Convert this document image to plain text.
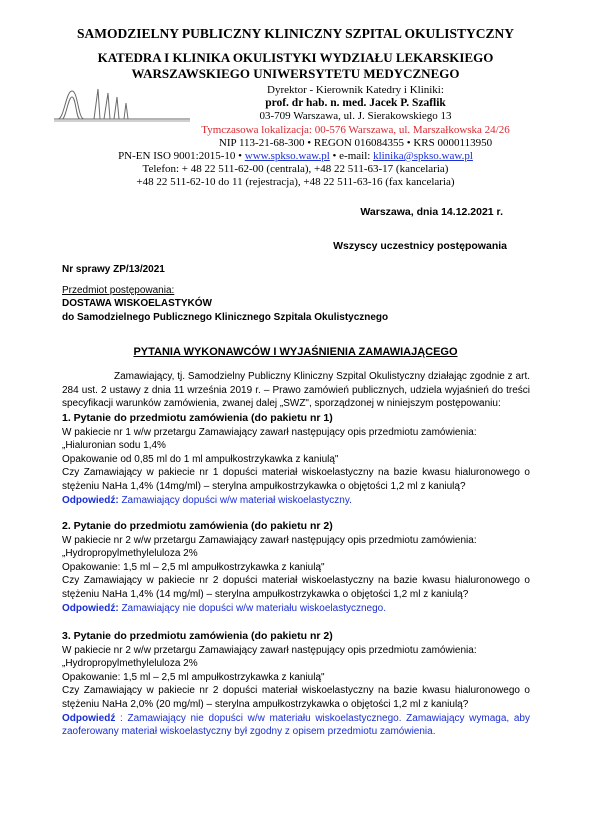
SAMODZIELNY PUBLICZNY KLINICZNY SZPITAL OKULISTYCZNY
KATEDRA I KLINIKA OKULISTYKI WYDZIAŁU LEKARSKIEGO
WARSZAWSKIEGO UNIWERSYTETU MEDYCZNEGO
Dyrektor - Kierownik Katedry i Kliniki:
prof. dr hab. n. med. Jacek P. Szaflik
03-709 Warszawa, ul. J. Sierakowskiego 13
Tymczasowa lokalizacja: 00-576 Warszawa, ul. Marszałkowska 24/26
NIP 113-21-68-300 • REGON 016084355 • KRS 0000113950
PN-EN ISO 9001:2015-10 • www.spkso.waw.pl • e-mail: klinika@spkso.waw.pl
Telefon: + 48 22 511-62-00 (centrala), +48 22 511-63-17 (kancelaria)
+48 22 511-62-10 do 11 (rejestracja), +48 22 511-63-16 (fax kancelaria)
Warszawa, dnia 14.12.2021 r.
Wszyscy uczestnicy postępowania
Nr sprawy ZP/13/2021
Przedmiot postępowania:
DOSTAWA WISKOELASTYKÓW
do Samodzielnego Publicznego Klinicznego Szpitala Okulistycznego
PYTANIA WYKONAWCÓW I WYJAŚNIENIA ZAMAWIAJĄCEGO
Zamawiający, tj. Samodzielny Publiczny Kliniczny Szpital Okulistyczny działając zgodnie z art. 284 ust. 2 ustawy z dnia 11 września 2019 r. – Prawo zamówień publicznych, udziela wyjaśnień do treści specyfikacji warunków zamówienia, zwanej dalej „SWZ", sporządzonej w niniejszym postępowaniu:
1. Pytanie do przedmiotu zamówienia (do pakietu nr 1)
W pakiecie nr 1 w/w przetargu Zamawiający zawarł następujący opis przedmiotu zamówienia:
„Hialuronian sodu 1,4%
Opakowanie od 0,85 ml do 1 ml ampułkostrzykawka z kaniulą"
Czy Zamawiający w pakiecie nr 1 dopuści materiał wiskoelastyczny na bazie kwasu hialuronowego o stężeniu NaHa 1,4% (14mg/ml) – sterylna ampułkostrzykawka o objętości 1,2 ml z kaniulą?
Odpowiedź: Zamawiający dopuści w/w materiał wiskoelastyczny.
2. Pytanie do przedmiotu zamówienia (do pakietu nr 2)
W pakiecie nr 2 w/w przetargu Zamawiający zawarł następujący opis przedmiotu zamówienia:
„Hydropropylmethyleluloza 2%
Opakowanie: 1,5 ml – 2,5 ml ampułkostrzykawka z kaniulą"
Czy Zamawiający w pakiecie nr 2 dopuści materiał wiskoelastyczny na bazie kwasu hialuronowego o stężeniu NaHa 1,4% (14 mg/ml) – sterylna ampułkostrzykawka o objętości 1,2 ml z kaniulą?
Odpowiedź: Zamawiający nie dopuści w/w materiału wiskoelastycznego.
3. Pytanie do przedmiotu zamówienia (do pakietu nr 2)
W pakiecie nr 2 w/w przetargu Zamawiający zawarł następujący opis przedmiotu zamówienia:
„Hydropropylmethyleluloza 2%
Opakowanie: 1,5 ml – 2,5 ml ampułkostrzykawka z kaniulą"
Czy Zamawiający w pakiecie nr 2 dopuści materiał wiskoelastyczny na bazie kwasu hialuronowego o stężeniu NaHa 2,0% (20 mg/ml) – sterylna ampułkostrzykawka o objętości 1,2 ml z kaniulą?
Odpowiedź : Zamawiający nie dopuści w/w materiału wiskoelastycznego. Zamawiający wymaga, aby zaoferowany materiał wiskoelastyczny był zgodny z opisem przedmiotu zamówienia.
